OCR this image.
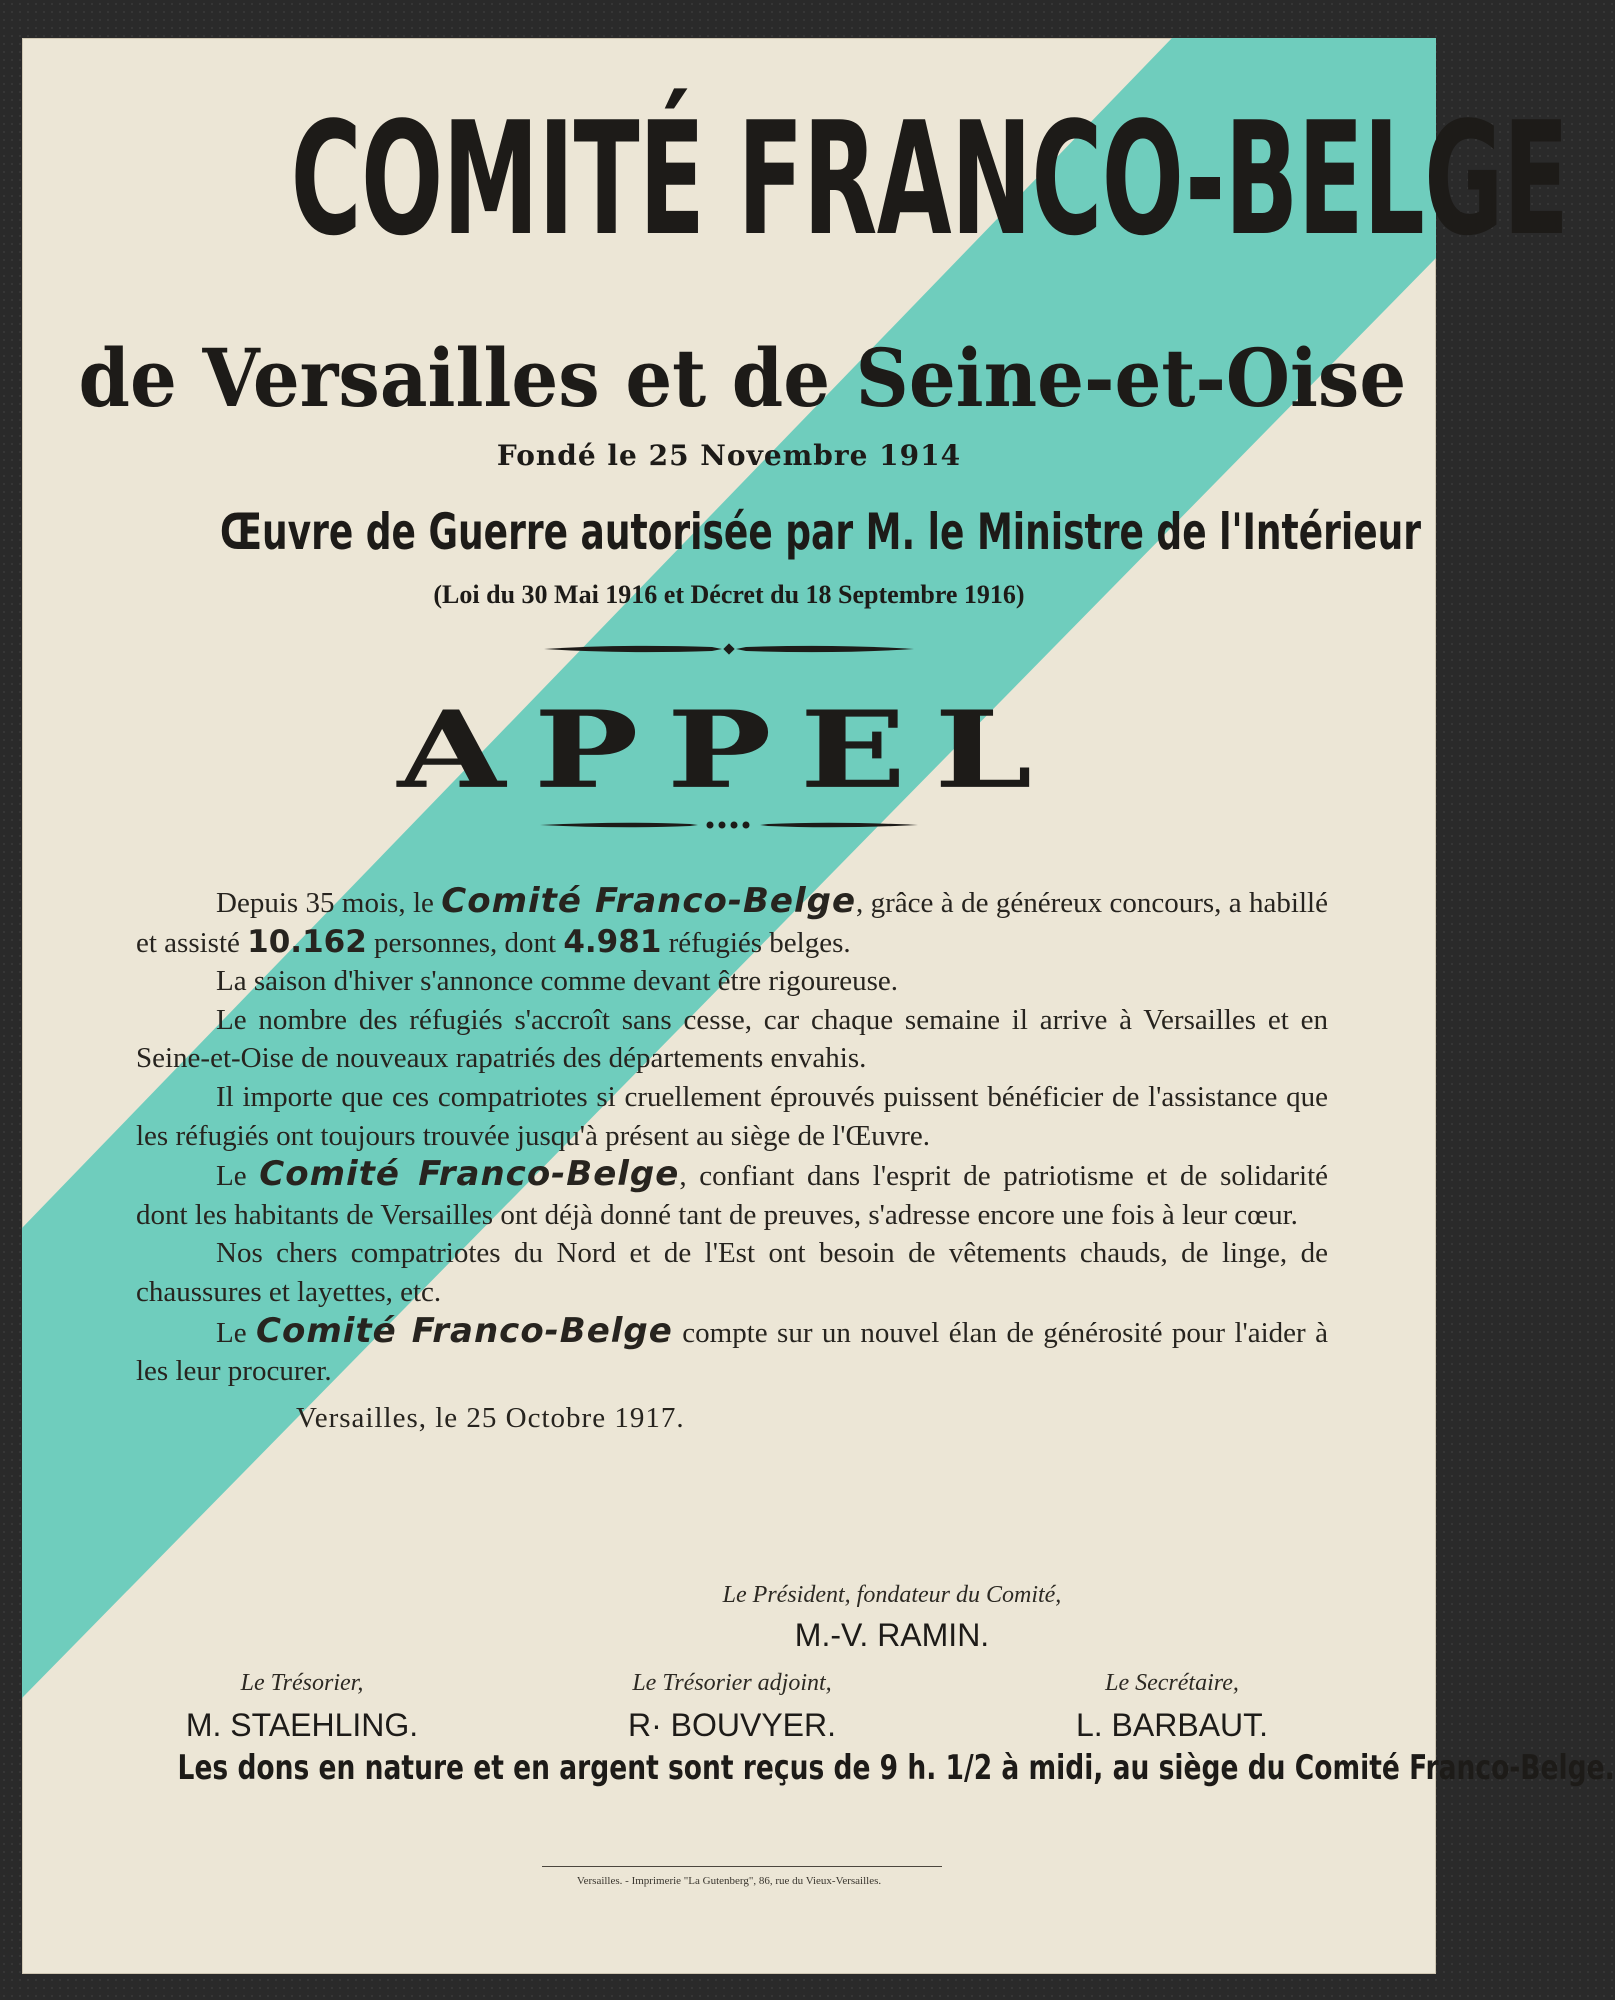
COMITÉ FRANCO-BELGE
de Versailles et de Seine-et-Oise
Fondé le 25 Novembre 1914
Œuvre de Guerre autorisée par M. le Ministre de l'Intérieur
(Loi du 30 Mai 1916 et Décret du 18 Septembre 1916)
APPEL

Depuis 35 mois, le Comité Franco-Belge, grâce à de généreux concours, a habillé et assisté 10.162 personnes, dont 4.981 réfugiés belges.

La saison d'hiver s'annonce comme devant être rigoureuse.

Le nombre des réfugiés s'accroît sans cesse, car chaque semaine il arrive à Versailles et en Seine-et-Oise de nouveaux rapatriés des départements envahis.

Il importe que ces compatriotes si cruellement éprouvés puissent bénéficier de l'assistance que les réfugiés ont toujours trouvée jusqu'à présent au siège de l'Œuvre.

Le Comité Franco-Belge, confiant dans l'esprit de patriotisme et de solidarité dont les habitants de Versailles ont déjà donné tant de preuves, s'adresse encore une fois à leur cœur.

Nos chers compatriotes du Nord et de l'Est ont besoin de vêtements chauds, de linge, de chaussures et layettes, etc.

Le Comité Franco-Belge compte sur un nouvel élan de générosité pour l'aider à les leur procurer.

Versailles, le 25 Octobre 1917.

Le Président, fondateur du Comité,
M.-V. RAMIN.
Le Trésorier,
M. STAEHLING.
Le Trésorier adjoint,
R· BOUVYER.
Le Secrétaire,
L. BARBAUT.
Les dons en nature et en argent sont reçus de 9 h. 1/2 à midi, au siège du Comité Franco-Belge.
Versailles. - Imprimerie "La Gutenberg", 86, rue du Vieux-Versailles.
